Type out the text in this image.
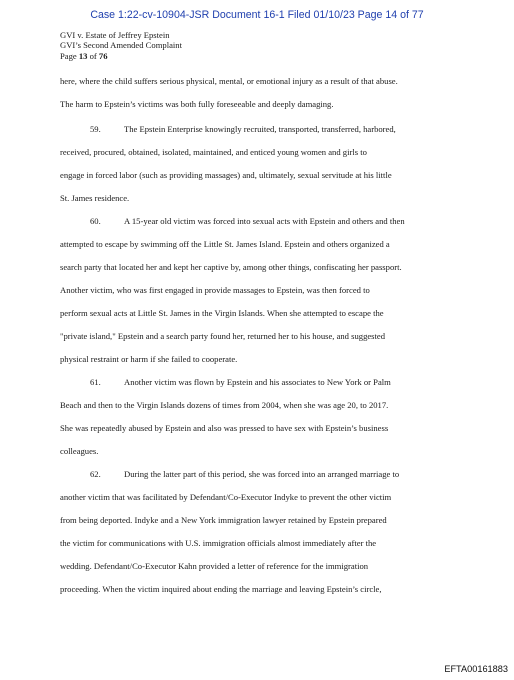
Case 1:22-cv-10904-JSR Document 16-1 Filed 01/10/23 Page 14 of 77
GVI v. Estate of Jeffrey Epstein
GVI’s Second Amended Complaint
Page 13 of 76
here, where the child suffers serious physical, mental, or emotional injury as a result of that abuse.
The harm to Epstein’s victims was both fully foreseeable and deeply damaging.
59.	The Epstein Enterprise knowingly recruited, transported, transferred, harbored,
received, procured, obtained, isolated, maintained, and enticed young women and girls to
engage in forced labor (such as providing massages) and, ultimately, sexual servitude at his little
St. James residence.
60.	A 15-year old victim was forced into sexual acts with Epstein and others and then
attempted to escape by swimming off the Little St. James Island. Epstein and others organized a
search party that located her and kept her captive by, among other things, confiscating her passport.
Another victim, who was first engaged in provide massages to Epstein, was then forced to
perform sexual acts at Little St. James in the Virgin Islands. When she attempted to escape the
"private island," Epstein and a search party found her, returned her to his house, and suggested
physical restraint or harm if she failed to cooperate.
61.	Another victim was flown by Epstein and his associates to New York or Palm
Beach and then to the Virgin Islands dozens of times from 2004, when she was age 20, to 2017.
She was repeatedly abused by Epstein and also was pressed to have sex with Epstein’s business
colleagues.
62.	During the latter part of this period, she was forced into an arranged marriage to
another victim that was facilitated by Defendant/Co-Executor Indyke to prevent the other victim
from being deported. Indyke and a New York immigration lawyer retained by Epstein prepared
the victim for communications with U.S. immigration officials almost immediately after the
wedding. Defendant/Co-Executor Kahn provided a letter of reference for the immigration
proceeding. When the victim inquired about ending the marriage and leaving Epstein’s circle,
EFTA00161883
